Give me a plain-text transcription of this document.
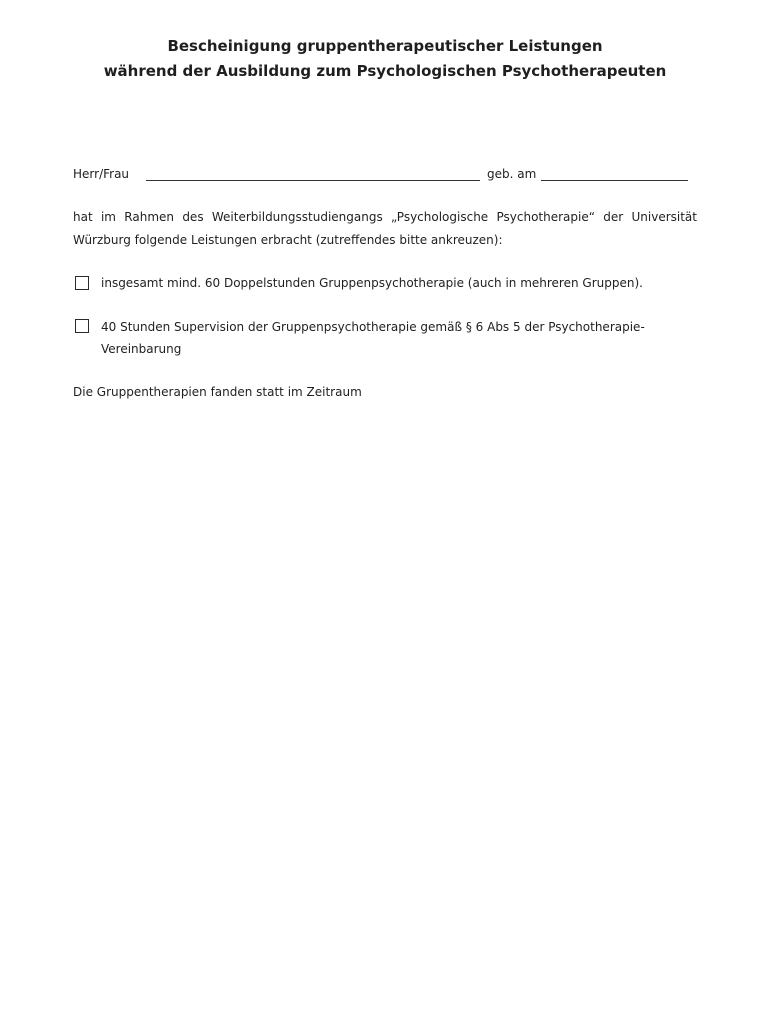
Bescheinigung gruppentherapeutischer Leistungen
während der Ausbildung zum Psychologischen Psychotherapeuten
Herr/Frau	geb. am
hat im Rahmen des Weiterbildungsstudiengangs „Psychologische Psychotherapie“ der Universität
Würzburg folgende Leistungen erbracht (zutreffendes bitte ankreuzen):
insgesamt mind. 60 Doppelstunden Gruppenpsychotherapie (auch in mehreren Gruppen).
40 Stunden Supervision der Gruppenpsychotherapie gemäß § 6 Abs 5 der Psychotherapie-
Vereinbarung
Die Gruppentherapien fanden statt im Zeitraum
